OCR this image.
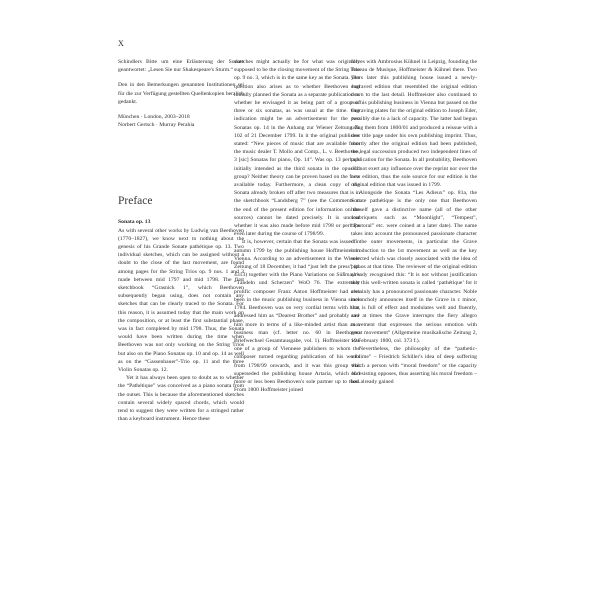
X

Schindlers Bitte um eine Erläuterung der Sonate geantwortet: „Lesen Sie nur Shakespeare's Sturm.“

Den in den Bemerkungen genannten Institutionen sei für die zur Verfügung gestellten Quellenkopien herzlich gedankt.

München · London, 2003–2018

Norbert Gertsch · Murray Perahia

Preface

Sonata op. 13

As with several other works by Ludwig van Beethoven (1770–1827), we know next to nothing about the genesis of his Grande Sonate pathétique op. 13. Two individual sketches, which can be assigned without a doubt to the close of the last movement, are found among pages for the String Trios op. 9 nos. 1 and 3 made between mid 1797 and mid 1798. The first sketchbook “Grasnick 1”, which Beethoven subsequently began using, does not contain any sketches that can be clearly traced to the Sonata. For this reason, it is assumed today that the main work on the composition, or at least the first substantial phase, was in fact completed by mid 1798. Thus, the Sonata would have been written during the time when Beethoven was not only working on the String Trios but also on the Piano Sonatas op. 10 and op. 14 as well as on the “Gassenhauer”-Trio op. 11 and the three Violin Sonatas op. 12.

Yet it has always been open to doubt as to whether the “Pathétique” was conceived as a piano sonata from the outset. This is because the aforementioned sketches contain several widely spaced chords, which would tend to suggest they were written for a stringed rather than a keyboard instrument. Hence these

sketches might actually be for what was originally supposed to be the closing movement of the String Trio op. 9 no. 3, which is in the same key as the Sonata. The question also arises as to whether Beethoven had initially planned the Sonata as a separate publication or whether he envisaged it as being part of a group of three or six sonatas, as was usual at the time. One indication might be an advertisement for the two Sonatas op. 14 in the Anhang zur Wiener Zeitung № 102 of 21 December 1799. In it the original publisher stated: “New pieces of music that are available from the music dealer T. Mollo and Comp., L. v. Beethoven, 3 [sic] Sonatas for piano, Op. 14”. Was op. 13 perhaps initially intended as the third sonata in the opus-14 group? Neither theory can be proven based on the facts available today. Furthermore, a clean copy of the Sonata already broken off after two measures that is in the sketchbook “Landsberg 7” (see the Comments at the end of the present edition for information on the sources) cannot be dated precisely. It is unclear whether it was also made before mid 1798 or perhaps even later during the course of 1798/99.

It is, however, certain that the Sonata was issued in autumn 1799 by the publishing house Hoffmeister in Vienna. According to an advertisement in the Wiener Zeitung of 18 December, it had “just left the press” (p. 4313) together with the Piano Variations on Süßmayr's “Tändeln und Scherzen” WoO 76. The extremely prolific composer Franz Anton Hoffmeister had also been in the music publishing business in Vienna since 1784. Beethoven was on very cordial terms with him, addressed him as “Dearest Brother” and probably saw him more in terms of a like-minded artist than as a business man (cf. letter no. 60 in Beethoven Briefwechsel Gesamtausgabe, vol. 1). Hoffmeister was one of a group of Viennese publishers to whom the composer turned regarding publication of his works from 1798/99 onwards, and it was this group that superseded the publishing house Artaria, which had more or less been Beethoven's sole partner up to then. From 1800 Hoffmeister joined

forces with Ambrosius Kühnel in Leipzig, founding the Bureau de Musique, Hoffmeister & Kühnel there. Two years later this publishing house issued a newly-engraved edition that resembled the original edition down to the last detail. Hoffmeister also continued to run his publishing business in Vienna but passed on the engraving plates for the original edition to Joseph Eder, possibly due to a lack of capacity. The latter had begun using them from 1800/01 and produced a reissue with a new title page under his own publishing imprint. Thus, shortly after the original edition had been published, the legal succession produced two independent lines of publication for the Sonata. In all probability, Beethoven did not exert any influence over the reprint nor over the new edition, thus the sole source for our edition is the original edition that was issued in 1799.

Alongside the Sonata “Les Adieux” op. 81a, the Sonate pathétique is the only one that Beethoven himself gave a distinctive name (all of the other soubriquets such as “Moonlight”, “Tempest”, “Pastoral” etc. were coined at a later date). The name takes into account the pronounced passionate character of the outer movements, in particular the Grave introduction to the 1st movement as well as the key selected which was closely associated with the idea of pathos at that time. The reviewer of the original edition already recognised this: “It is not without justification that this well-written sonata is called ‘pathétique’ for it certainly has a pronounced passionate character. Noble melancholy announces itself in the Grave in c minor, that is full of effect and modulates well and fluently, and at times the Grave interrupts the fiery allegro movement that expresses the serious emotion with great movement” (Allgemeine musikalische Zeitung 2, 19 February 1800, col. 373 f.).

Nevertheless, the philosophy of the “pathetic-sublime” – Friedrich Schiller's idea of deep suffering which a person with “moral freedom” or the capacity of resisting opposes, thus asserting his moral freedom – had already gained
